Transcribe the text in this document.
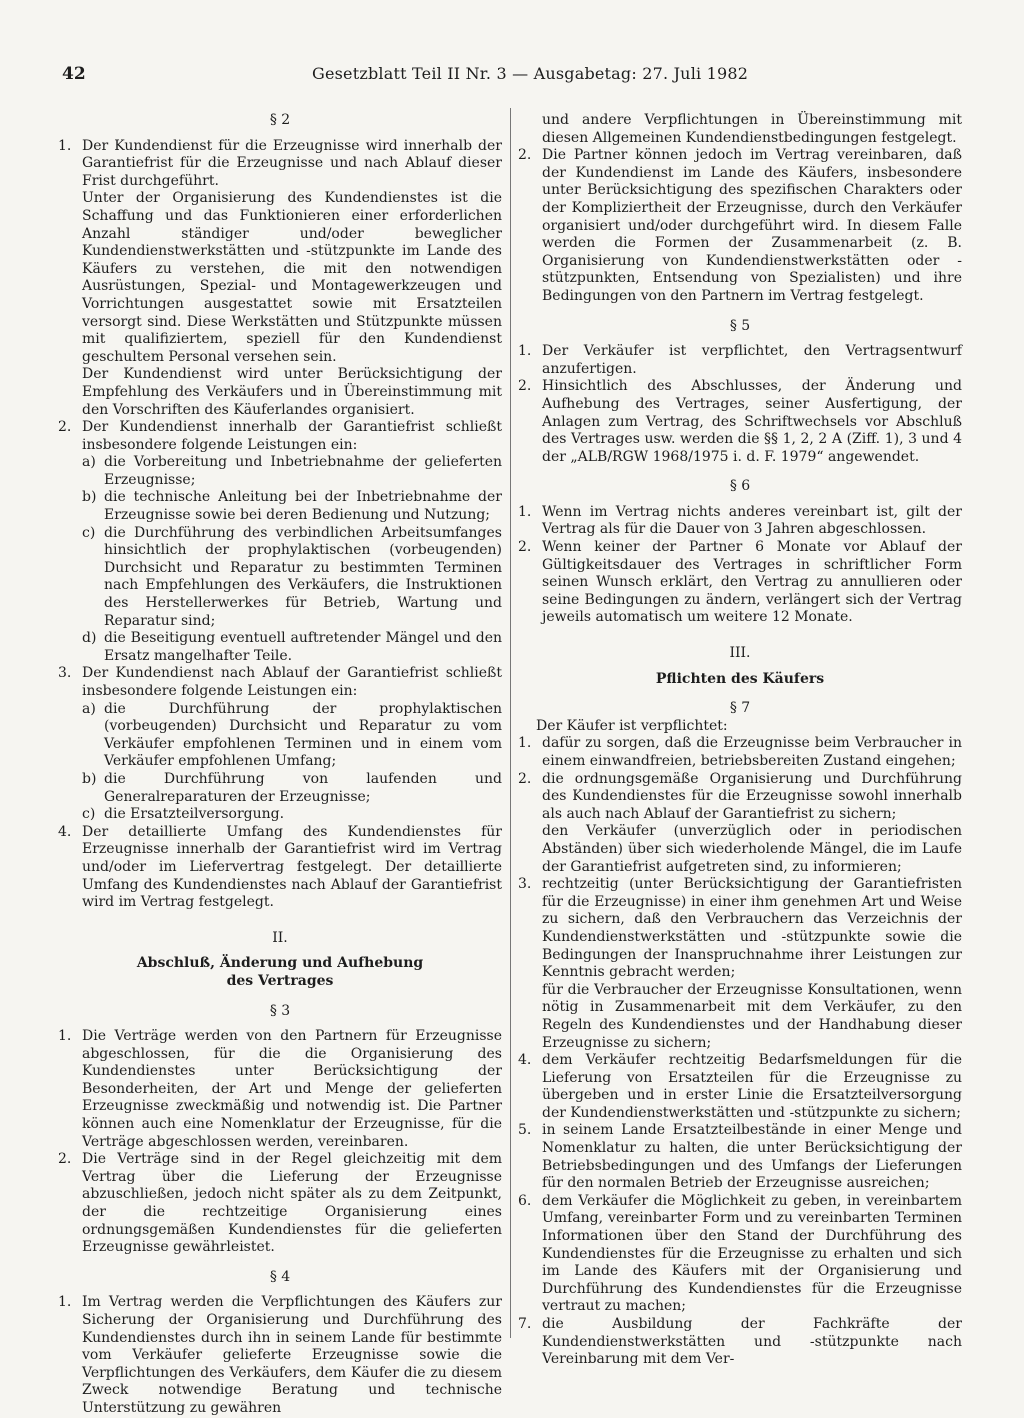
42	Gesetzblatt Teil II Nr. 3 — Ausgabetag: 27. Juli 1982

§ 2

1. Der Kundendienst für die Erzeugnisse wird innerhalb der Garantiefrist für die Erzeugnisse und nach Ablauf dieser Frist durchgeführt.

Unter der Organisierung des Kundendienstes ist die Schaffung und das Funktionieren einer erforderlichen Anzahl ständiger und/oder beweglicher Kundendienstwerkstätten und -stützpunkte im Lande des Käufers zu verstehen, die mit den notwendigen Ausrüstungen, Spezial- und Montagewerkzeugen und Vorrichtungen ausgestattet sowie mit Ersatzteilen versorgt sind. Diese Werkstätten und Stützpunkte müssen mit qualifiziertem, speziell für den Kundendienst geschultem Personal versehen sein.

Der Kundendienst wird unter Berücksichtigung der Empfehlung des Verkäufers und in Übereinstimmung mit den Vorschriften des Käuferlandes organisiert.

2. Der Kundendienst innerhalb der Garantiefrist schließt insbesondere folgende Leistungen ein:

a) die Vorbereitung und Inbetriebnahme der gelieferten Erzeugnisse;
b) die technische Anleitung bei der Inbetriebnahme der Erzeugnisse sowie bei deren Bedienung und Nutzung;
c) die Durchführung des verbindlichen Arbeitsumfanges hinsichtlich der prophylaktischen (vorbeugenden) Durchsicht und Reparatur zu bestimmten Terminen nach Empfehlungen des Verkäufers, die Instruktionen des Herstellerwerkes für Betrieb, Wartung und Reparatur sind;
d) die Beseitigung eventuell auftretender Mängel und den Ersatz mangelhafter Teile.
3. Der Kundendienst nach Ablauf der Garantiefrist schließt insbesondere folgende Leistungen ein:

a) die Durchführung der prophylaktischen (vorbeugenden) Durchsicht und Reparatur zu vom Verkäufer empfohlenen Terminen und in einem vom Verkäufer empfohlenen Umfang;
b) die Durchführung von laufenden und Generalreparaturen der Erzeugnisse;
c) die Ersatzteilversorgung.
4. Der detaillierte Umfang des Kundendienstes für Erzeugnisse innerhalb der Garantiefrist wird im Vertrag und/oder im Liefervertrag festgelegt. Der detaillierte Umfang des Kundendienstes nach Ablauf der Garantiefrist wird im Vertrag festgelegt.

II.

Abschluß, Änderung und Aufhebung

des Vertrages

§ 3

1. Die Verträge werden von den Partnern für Erzeugnisse abgeschlossen, für die die Organisierung des Kundendienstes unter Berücksichtigung der Besonderheiten, der Art und Menge der gelieferten Erzeugnisse zweckmäßig und notwendig ist. Die Partner können auch eine Nomenklatur der Erzeugnisse, für die Verträge abgeschlossen werden, vereinbaren.

2. Die Verträge sind in der Regel gleichzeitig mit dem Vertrag über die Lieferung der Erzeugnisse abzuschließen, jedoch nicht später als zu dem Zeitpunkt, der die rechtzeitige Organisierung eines ordnungsgemäßen Kundendienstes für die gelieferten Erzeugnisse gewährleistet.

§ 4

1. Im Vertrag werden die Verpflichtungen des Käufers zur Sicherung der Organisierung und Durchführung des Kundendienstes durch ihn in seinem Lande für bestimmte vom Verkäufer gelieferte Erzeugnisse sowie die Verpflichtungen des Verkäufers, dem Käufer die zu diesem Zweck notwendige Beratung und technische Unterstützung zu gewähren

und andere Verpflichtungen in Übereinstimmung mit diesen Allgemeinen Kundendienstbedingungen festgelegt.

2. Die Partner können jedoch im Vertrag vereinbaren, daß der Kundendienst im Lande des Käufers, insbesondere unter Berücksichtigung des spezifischen Charakters oder der Kompliziertheit der Erzeugnisse, durch den Verkäufer organisiert und/oder durchgeführt wird. In diesem Falle werden die Formen der Zusammenarbeit (z. B. Organisierung von Kundendienstwerkstätten oder -stützpunkten, Entsendung von Spezialisten) und ihre Bedingungen von den Partnern im Vertrag festgelegt.

§ 5

1. Der Verkäufer ist verpflichtet, den Vertragsentwurf anzufertigen.

2. Hinsichtlich des Abschlusses, der Änderung und Aufhebung des Vertrages, seiner Ausfertigung, der Anlagen zum Vertrag, des Schriftwechsels vor Abschluß des Vertrages usw. werden die §§ 1, 2, 2 A (Ziff. 1), 3 und 4 der „ALB/RGW 1968/1975 i. d. F. 1979“ angewendet.

§ 6

1. Wenn im Vertrag nichts anderes vereinbart ist, gilt der Vertrag als für die Dauer von 3 Jahren abgeschlossen.

2. Wenn keiner der Partner 6 Monate vor Ablauf der Gültigkeitsdauer des Vertrages in schriftlicher Form seinen Wunsch erklärt, den Vertrag zu annullieren oder seine Bedingungen zu ändern, verlängert sich der Vertrag jeweils automatisch um weitere 12 Monate.

III.

Pflichten des Käufers

§ 7

Der Käufer ist verpflichtet:

1. dafür zu sorgen, daß die Erzeugnisse beim Verbraucher in einem einwandfreien, betriebsbereiten Zustand eingehen;

2. die ordnungsgemäße Organisierung und Durchführung des Kundendienstes für die Erzeugnisse sowohl innerhalb als auch nach Ablauf der Garantiefrist zu sichern;

den Verkäufer (unverzüglich oder in periodischen Abständen) über sich wiederholende Mängel, die im Laufe der Garantiefrist aufgetreten sind, zu informieren;

3. rechtzeitig (unter Berücksichtigung der Garantiefristen für die Erzeugnisse) in einer ihm genehmen Art und Weise zu sichern, daß den Verbrauchern das Verzeichnis der Kundendienstwerkstätten und -stützpunkte sowie die Bedingungen der Inanspruchnahme ihrer Leistungen zur Kenntnis gebracht werden;

für die Verbraucher der Erzeugnisse Konsultationen, wenn nötig in Zusammenarbeit mit dem Verkäufer, zu den Regeln des Kundendienstes und der Handhabung dieser Erzeugnisse zu sichern;

4. dem Verkäufer rechtzeitig Bedarfsmeldungen für die Lieferung von Ersatzteilen für die Erzeugnisse zu übergeben und in erster Linie die Ersatzteilversorgung der Kundendienstwerkstätten und -stützpunkte zu sichern;

5. in seinem Lande Ersatzteilbestände in einer Menge und Nomenklatur zu halten, die unter Berücksichtigung der Betriebsbedingungen und des Umfangs der Lieferungen für den normalen Betrieb der Erzeugnisse ausreichen;

6. dem Verkäufer die Möglichkeit zu geben, in vereinbartem Umfang, vereinbarter Form und zu vereinbarten Terminen Informationen über den Stand der Durchführung des Kundendienstes für die Erzeugnisse zu erhalten und sich im Lande des Käufers mit der Organisierung und Durchführung des Kundendienstes für die Erzeugnisse vertraut zu machen;

7. die Ausbildung der Fachkräfte der Kundendienstwerkstätten und -stützpunkte nach Vereinbarung mit dem Ver-
